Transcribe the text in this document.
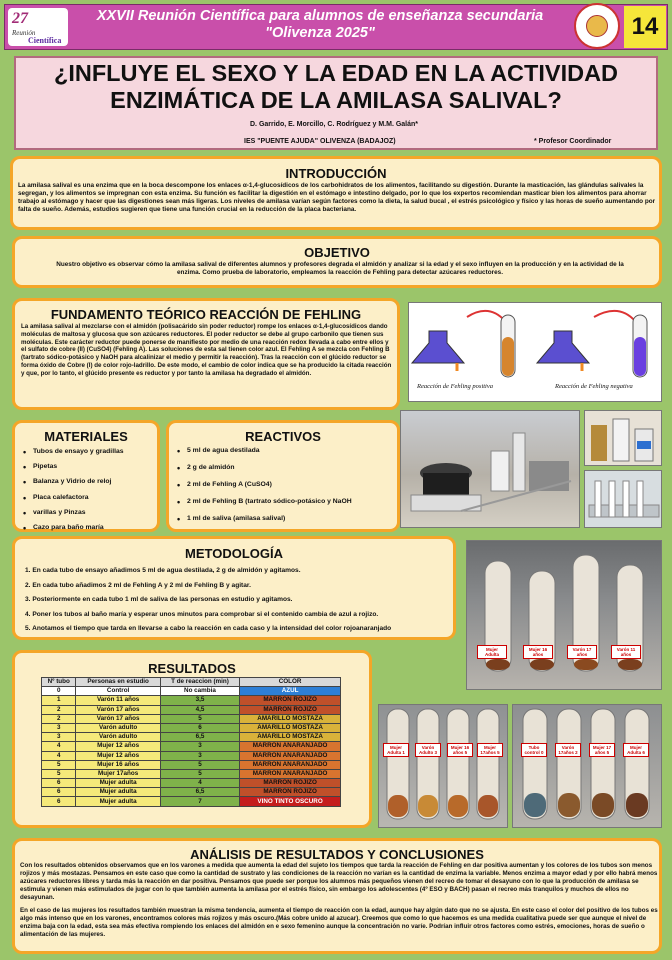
27
Reunión
Científica
XXVII Reunión Científica para alumnos de enseñanza secundaria "Olivenza 2025"	14
¿INFLUYE EL SEXO Y LA EDAD EN LA ACTIVIDAD ENZIMÁTICA DE LA AMILASA SALIVAL?
D. Garrido, E. Morcillo, C. Rodríguez y M.M. Galán*
IES "PUENTE AJUDA" OLIVENZA (BADAJOZ)	* Profesor Coordinador
INTRODUCCIÓN
La amilasa salival es una enzima que en la boca descompone los enlaces α-1,4-glucosídicos de los carbohidratos de los alimentos, facilitando su digestión. Durante la masticación, las glándulas salivales la segregan, y los alimentos se impregnan con esta enzima. Su función es facilitar la digestión en el estómago e intestino delgado, por lo que los expertos recomiendan masticar bien los alimentos para ahorrar trabajo al estómago y hacer que las digestiones sean más ligeras. Los niveles de amilasa varían según factores como la dieta, la salud bucal , el estrés psicológico y físico y las horas de sueño aumentando por falta de sueño. Además, estudios sugieren que tiene una función crucial en la reducción de la placa bacteriana.
OBJETIVO
Nuestro objetivo es observar cómo la amilasa salival de diferentes alumnos y profesores degrada el almidón y analizar si la edad y el sexo influyen en la producción y en la actividad de la enzima. Como prueba de laboratorio, empleamos la reacción de Fehling para detectar azúcares reductores.
FUNDAMENTO TEÓRICO REACCIÓN DE FEHLING
La amilasa salival al mezclarse con el almidón (polisacárido sin poder reductor) rompe los enlaces α-1,4-glucosídicos dando moléculas de maltosa y glucosa que son azúcares reductores. El poder reductor se debe al grupo carbonilo que tienen sus moléculas. Este carácter reductor puede ponerse de manifiesto por medio de una reacción redox llevada a cabo entre ellos y el sulfato de cobre (II) (CuSO4) (Fehling A). Las soluciones de esta sal tienen color azul. El Fehling A se mezcla con Fehling B (tartrato sódico-potásico y NaOH para alcalinizar el medio y permitir la reacción). Tras la reacción con el glúcido reductor se forma óxido de Cobre (I) de color rojo-ladrillo. De este modo, el cambio de color indica que se ha producido la citada reacción y que, por lo tanto, el glúcido presente es reductor y por tanto la amilasa ha degradado el almidón.
Reacción de Fehling positiva	Reacción de Fehling negativa
MATERIALES
• Tubos de ensayo y gradillas
• Pipetas
• Balanza y Vidrio de reloj
• Placa calefactora
• varillas y Pinzas
• Cazo para baño maría
REACTIVOS
• 5 ml de agua destilada
• 2 g de almidón
• 2 ml de Fehling A (CuSO4)
• 2 ml de Fehling B (tartrato sódico-potásico y NaOH
• 1 ml de saliva (amilasa salival)
METODOLOGÍA
1. En cada tubo de ensayo añadimos 5 ml de agua destilada, 2 g de almidón y agitamos.
2. En cada tubo añadimos 2 ml de Fehling A y 2 ml de Fehling B y agitar.
3. Posteriormente en cada tubo 1 ml de saliva de las personas en estudio y agitamos.
4. Poner los tubos al baño maría y esperar unos minutos para comprobar si el contenido cambia de azul a rojizo.
5. Anotamos el tiempo que tarda en llevarse a cabo la reacción en cada caso y la intensidad del color rojoanaranjado
Mujer Adulta
Mujer 16 años
Varón 17 años
Varón 11 años
RESULTADOS
Nº tubo	Personas en estudio	T de reaccion (min)	COLOR
0	Control	No cambia	AZUL
1	Varón 11 años	3,5	MARRON ROJIZO
2	Varón 17 años	4,5	MARRON ROJIZO
2	Varón 17 años	5	AMARILLO MOSTAZA
3	Varón adulto	6	AMARILLO MOSTAZA
3	Varón adulto	6,5	AMARILLO MOSTAZA
4	Mujer 12 años	3	MARRON ANARANJADO
4	Mujer 12 años	3	MARRON ANARANJADO
5	Mujer 16 años	5	MARRON ANARANJADO
5	Mujer 17años	5	MARRON ANARANJADO
6	Mujer adulta	4	MARRON ROJIZO
6	Mujer adulta	6,5	MARRON ROJIZO
6	Mujer adulta	7	VINO TINTO OSCURO
Mujer Adulta 1
Varón Adulto 3
Mujer 16 años 5
Mujer 17años 5
Tubo control 0
Varón 17años 2
Mujer 17 años 5
Mujer Adulta 6
ANÁLISIS DE RESULTADOS Y CONCLUSIONES
Con los resultados obtenidos observamos que en los varones a medida que aumenta la edad del sujeto los tiempos que tarda la reacción de Fehling en dar positiva aumentan y los colores de los tubos son menos rojizos y más mostazas. Pensamos en este caso que como la cantidad de sustrato y las condiciones de la reacción no varían es la cantidad de enzima la variable. Menos enzima a mayor edad y por ello habrá menos azúcares reductores libres y tarda más la reacción en dar positiva. Pensamos que puede ser porque los alumnos más pequeños vienen del recreo de tomar el desayuno con lo que la producción de amilasa se estimula y vienen más estimulados de jugar con lo que también aumenta la amilasa por el estrés físico, sin embargo los adolescentes (4º ESO y BACH) pasan el recreo más tranquilos y muchos de ellos no desayunan.
En el caso de las mujeres los resultados también muestran la misma tendencia, aumenta el tiempo de reacción con la edad, aunque hay algún dato que no se ajusta. En este caso el color del positivo de los tubos es algo más intenso que en los varones, encontramos colores más rojizos y más oscuro.(Más cobre unido al azucar). Creemos que como lo que hacemos es una medida cualitativa puede ser que aunque el nivel de enzima baja con la edad, esta sea más efectiva rompiendo los enlaces del almidón en e sexo femenino aunque la concentración no varíe. Podrían influir otros factores como estrés, emociones, horas de sueño o alimentación de las mujeres.
